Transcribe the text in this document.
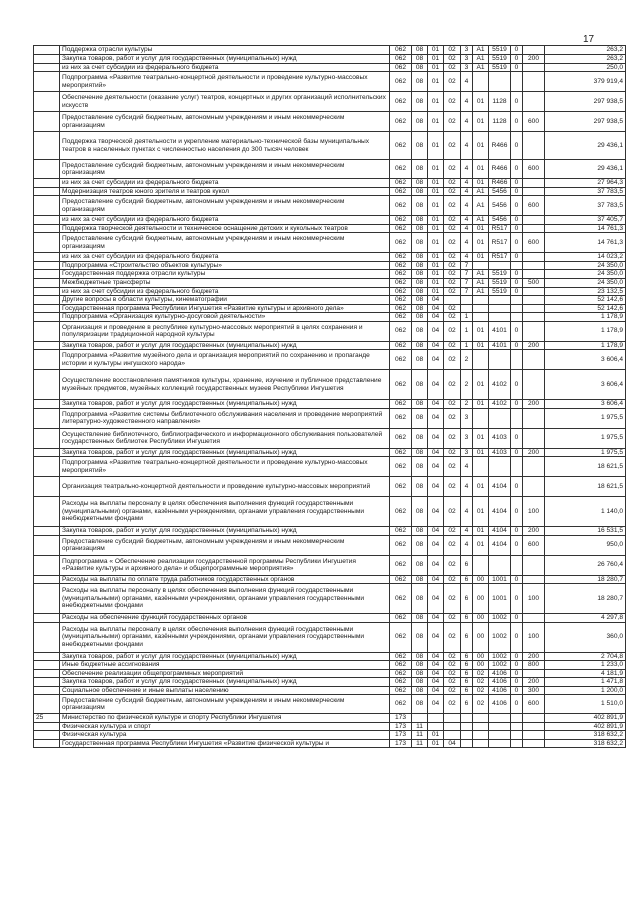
17
	Поддержка отрасли культуры	062	08	01	02	3	A1	5519	0		263,2
	Закупка товаров, работ и услуг для государственных (муниципальных) нужд	062	08	01	02	3	A1	5519	0	200	263,2
	из них за счет субсидии из федерального бюджета	062	08	01	02	3	A1	5519	0		250,0
	Подпрограмма «Развитие театрально-концертной деятельности и проведение культурно-массовых мероприятий»	062	08	01	02	4					379 919,4
	Обеспечение деятельности (оказание услуг) театров, концертных и других организаций исполнительских искусств	062	08	01	02	4	01	1128	0		297 938,5
	Предоставление субсидий бюджетным, автономным учреждениям и иным некоммерческим организациям	062	08	01	02	4	01	1128	0	600	297 938,5
	Поддержка творческой деятельности и укрепление материально-технической базы муниципальных театров в населенных пунктах с численностью населения до 300 тысяч человек	062	08	01	02	4	01	R466	0		29 436,1
	Предоставление субсидий бюджетным, автономным учреждениям и иным некоммерческим организациям	062	08	01	02	4	01	R466	0	600	29 436,1
	из них за счет субсидии из федерального бюджета	062	08	01	02	4	01	R466	0		27 964,3
	Модернизация театров юного зрителя и театров кукол	062	08	01	02	4	A1	5456	0		37 783,5
	Предоставление субсидий бюджетным, автономным учреждениям и иным некоммерческим организациям	062	08	01	02	4	A1	5456	0	600	37 783,5
	из них за счет субсидии из федерального бюджета	062	08	01	02	4	A1	5456	0		37 405,7
	Поддержка творческой деятельности и техническое оснащение детских и кукольных театров	062	08	01	02	4	01	R517	0		14 761,3
	Предоставление субсидий бюджетным, автономным учреждениям и иным некоммерческим организациям	062	08	01	02	4	01	R517	0	600	14 761,3
	из них за счет субсидии из федерального бюджета	062	08	01	02	4	01	R517	0		14 023,2
	Подпрограмма «Строительство объектов культуры»	062	08	01	02	7					24 350,0
	Государственная поддержка отрасли культуры	062	08	01	02	7	A1	5519	0		24 350,0
	Межбюджетные трансферты	062	08	01	02	7	A1	5519	0	500	24 350,0
	из них за счет субсидии из федерального бюджета	062	08	01	02	7	A1	5519	0		23 132,5
	Другие вопросы в области культуры, кинематографии	062	08	04							52 142,6
	Государственная программа Республики Ингушетия «Развитие культуры и архивного дела»	062	08	04	02						52 142,6
	Подпрограмма «Организация культурно-досуговой деятельности»	062	08	04	02	1					1 178,9
	Организация и проведение в республике культурно-массовых мероприятий в целях сохранения и популяризации традиционной народной культуры	062	08	04	02	1	01	4101	0		1 178,9
	Закупка товаров, работ и услуг для государственных (муниципальных) нужд	062	08	04	02	1	01	4101	0	200	1 178,9
	Подпрограмма «Развитие музейного дела и организация мероприятий по сохранению и пропаганде истории и культуры ингушского народа»	062	08	04	02	2					3 606,4
	Осуществление восстановления памятников культуры, хранение, изучение и публичное представление музейных предметов, музейных коллекций государственных музеев Республики Ингушетия	062	08	04	02	2	01	4102	0		3 606,4
	Закупка товаров, работ и услуг для государственных (муниципальных) нужд	062	08	04	02	2	01	4102	0	200	3 606,4
	Подпрограмма «Развитие системы библиотечного обслуживания населения и проведение мероприятий литературно-художественного направления»	062	08	04	02	3					1 975,5
	Осуществление библиотечного, библиографического и информационного обслуживания пользователей государственных библиотек Республики Ингушетия	062	08	04	02	3	01	4103	0		1 975,5
	Закупка товаров, работ и услуг для государственных (муниципальных) нужд	062	08	04	02	3	01	4103	0	200	1 975,5
	Подпрограмма «Развитие театрально-концертной деятельности и проведение культурно-массовых мероприятий»	062	08	04	02	4					18 621,5
	Организация театрально-концертной деятельности и проведение культурно-массовых мероприятий	062	08	04	02	4	01	4104	0		18 621,5
	Расходы на выплаты персоналу в целях обеспечения выполнения функций государственными (муниципальными) органами, казёнными учреждениями, органами управления государственными внебюджетными фондами	062	08	04	02	4	01	4104	0	100	1 140,0
	Закупка товаров, работ и услуг для государственных (муниципальных) нужд	062	08	04	02	4	01	4104	0	200	16 531,5
	Предоставление субсидий бюджетным, автономным учреждениям и иным некоммерческим организациям	062	08	04	02	4	01	4104	0	600	950,0
	Подпрограмма « Обеспечение реализации государственной программы Республики Ингушетия «Развитие культуры и архивного дела» и общепрограммные мероприятия»	062	08	04	02	6					26 760,4
	Расходы на выплаты по оплате труда работников государственных органов	062	08	04	02	6	00	1001	0		18 280,7
	Расходы на выплаты персоналу в целях обеспечения выполнения функций государственными (муниципальными) органами, казёнными учреждениями, органами управления государственными внебюджетными фондами	062	08	04	02	6	00	1001	0	100	18 280,7
	Расходы на обеспечение функций государственных органов	062	08	04	02	6	00	1002	0		4 297,8
	Расходы на выплаты персоналу в целях обеспечения выполнения функций государственными (муниципальными) органами, казёнными учреждениями, органами управления государственными внебюджетными фондами	062	08	04	02	6	00	1002	0	100	360,0
	Закупка товаров, работ и услуг для государственных (муниципальных) нужд	062	08	04	02	6	00	1002	0	200	2 704,8
	Иные бюджетные ассигнования	062	08	04	02	6	00	1002	0	800	1 233,0
	Обеспечение реализации общепрограммных мероприятий	062	08	04	02	6	02	4106	0		4 181,9
	Закупка товаров, работ и услуг для государственных (муниципальных) нужд	062	08	04	02	6	02	4106	0	200	1 471,8
	Социальное обеспечение и иные выплаты населению	062	08	04	02	6	02	4106	0	300	1 200,0
	Предоставление субсидий бюджетным, автономным учреждениям и иным некоммерческим организациям	062	08	04	02	6	02	4106	0	600	1 510,0
25	Министерство по физической культуре и спорту Республики Ингушетия	173									402 891,9
	Физическая культура и спорт	173	11								402 891,9
	Физическая культура	173	11	01							318 632,2
	Государственная программа Республики Ингушетия «Развитие физической культуры и	173	11	01	04						318 632,2
